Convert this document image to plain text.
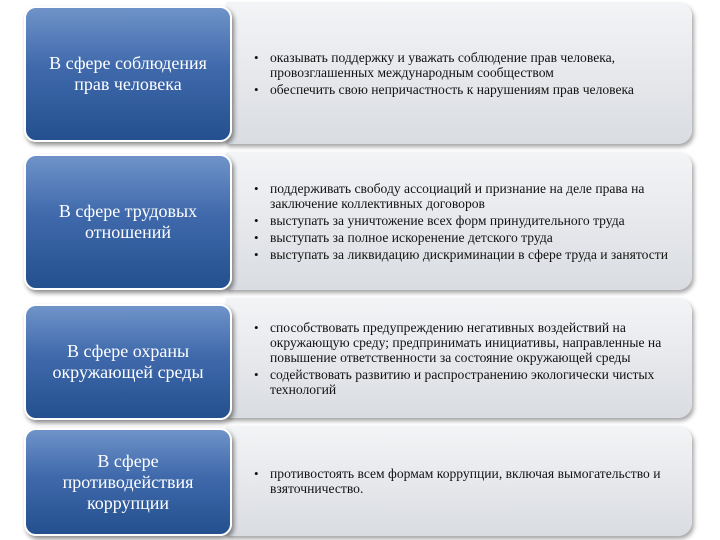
• оказывать поддержку и уважать соблюдение прав человека, провозглашенных международным сообществом
• обеспечить свою непричастность к нарушениям прав человека
В сфере соблюдения прав человека
• поддерживать свободу ассоциаций и признание на деле права на заключение коллективных договоров
• выступать за уничтожение всех форм принудительного труда
• выступать за полное искоренение детского труда
• выступать за ликвидацию дискриминации в сфере труда и занятости
В сфере трудовых отношений
• способствовать предупреждению негативных воздействий на окружающую среду; предпринимать инициативы, направленные на повышение ответственности за состояние окружающей среды
• содействовать развитию и распространению экологически чистых технологий
В сфере охраны окружающей среды
• противостоять всем формам коррупции, включая вымогательство и взяточничество.
В сфере противодействия коррупции
